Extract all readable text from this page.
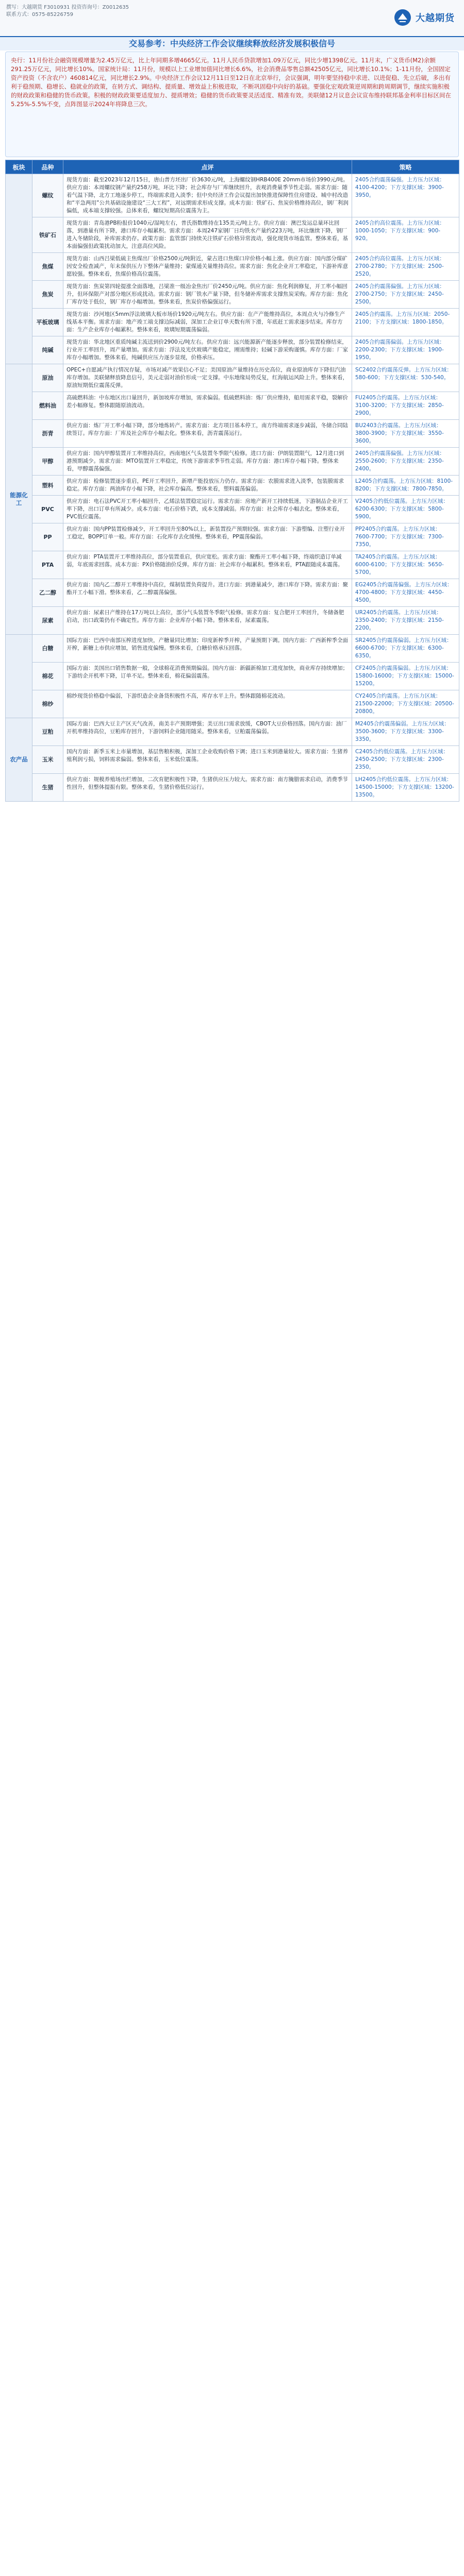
撰写：大越期货 F3010931 投资咨询号：Z0012635
联系方式：0575-85226759	大越期货
交易参考：中央经济工作会议继续释放经济发展积极信号
央行：11月份社会融资规模增量为2.45万亿元，比上年同期多增4665亿元。11月人民币贷款增加1.09万亿元，同比少增1398亿元。11月末，广义货币(M2)余额291.25万亿元，同比增长10%。国家统计局：11月份，规模以上工业增加值同比增长6.6%，社会消费品零售总额42505亿元，同比增长10.1%；1-11月份，全国固定资产投资（不含农户）460814亿元，同比增长2.9%。中央经济工作会议12月11日至12日在北京举行，会议强调，明年要坚持稳中求进、以进促稳、先立后破，多出有利于稳预期、稳增长、稳就业的政策，在转方式、调结构、提质量、增效益上积极进取，不断巩固稳中向好的基础。要强化宏观政策逆周期和跨周期调节，继续实施积极的财政政策和稳健的货币政策。积极的财政政策要适度加力、提质增效；稳健的货币政策要灵活适度、精准有效。美联储12月议息会议宣布维持联邦基金利率目标区间在5.25%-5.5%不变，点阵图显示2024年将降息三次。
板块	品种	点评	策略
	螺纹	现货方面：截至2023年12月15日，唐山普方坯出厂价3630元/吨，上海螺纹钢HRB400E 20mm市场价3990元/吨。供应方面：本周螺纹钢产量约258万吨，环比下降；社会库存与厂库继续回升，表观消费量季节性走弱。需求方面：随着气温下降，北方工地逐步停工，终端需求进入淡季；但中央经济工作会议提出加快推进保障性住房建设、城中村改造和“平急两用”公共基础设施建设“三大工程”，对远期需求形成支撑。成本方面：铁矿石、焦炭价格维持高位，钢厂利润偏低，成本端支撑较强。总体来看，螺纹短期高位震荡为主。	2405合约震荡偏强。上方压力区域：4100-4200；下方支撑区域：3900-3950。
	铁矿石	现货方面：青岛港PB粉报价1040元/湿吨左右，普氏指数维持在135美元/吨上方。供应方面：澳巴发运总量环比回落，到港量有所下降，港口库存小幅累积。需求方面：本周247家钢厂日均铁水产量约223万吨，环比继续下降，钢厂进入冬储阶段，补库需求仍存。政策方面：监管部门持续关注铁矿石价格异常波动，强化现货市场监管。整体来看，基本面偏强但政策扰动加大，注意高位风险。	2405合约高位震荡。上方压力区域：1000-1050；下方支撑区域：900-920。
	焦煤	现货方面：山西吕梁低硫主焦煤出厂价格2500元/吨附近，蒙古进口焦煤口岸价格小幅上涨。供应方面：国内部分煤矿因安全检查减产，年末保供压力下整体产量维持；蒙煤通关量维持高位。需求方面：焦化企业开工率稳定，下游补库意愿较强。整体来看，焦煤价格高位震荡。	2405合约高位震荡。上方压力区域：2700-2780；下方支撑区域：2500-2520。
	焦炭	现货方面：焦炭第四轮提涨全面落地，吕梁准一级冶金焦出厂价2450元/吨。供应方面：焦化利润修复，开工率小幅回升，但环保限产对部分地区形成扰动。需求方面：钢厂铁水产量下降，但冬储补库需求支撑焦炭采购。库存方面：焦化厂库存处于低位，钢厂库存小幅增加。整体来看，焦炭价格偏强运行。	2405合约震荡偏强。上方压力区域：2700-2750；下方支撑区域：2450-2500。
	平板玻璃	现货方面：沙河地区5mm浮法玻璃大板市场价1920元/吨左右。供应方面：在产产能维持高位，本周点火与冷修生产线基本平衡。需求方面：地产竣工端支撑边际减弱，深加工企业订单天数有所下滑，年底赶工需求逐步结束。库存方面：生产企业库存小幅累积。整体来看，玻璃短期震荡偏弱。	2405合约震荡。上方压力区域：2050-2100；下方支撑区域：1800-1850。
	纯碱	现货方面：华北地区重质纯碱主流送到价2900元/吨左右。供应方面：远兴能源新产能逐步释放，部分装置检修结束，行业开工率回升，周产量增加。需求方面：浮法及光伏玻璃产能稳定，刚需维持；轻碱下游采购谨慎。库存方面：厂家库存小幅增加。整体来看，纯碱供应压力逐步显现，价格承压。	2405合约震荡偏弱。上方压力区域：2200-2300；下方支撑区域：1900-1950。
能源化工	原油	OPEC+自愿减产执行情况存疑，市场对减产效果信心不足；美国原油产量维持在历史高位，商业原油库存下降但汽油库存增加。美联储释放降息信号，美元走弱对油价形成一定支撑。中东地缘局势反复，红海航运风险上升。整体来看，原油短期低位震荡反弹。	SC2402合约震荡反弹。上方压力区域：580-600；下方支撑区域：530-540。
	燃料油	高硫燃料油：中东地区出口量回升，新加坡库存增加，需求偏弱。低硫燃料油：炼厂供应维持，船用需求平稳，裂解价差小幅修复。整体跟随原油波动。	FU2405合约震荡。上方压力区域：3100-3200；下方支撑区域：2850-2900。
	沥青	供应方面：炼厂开工率小幅下降，部分地炼转产。需求方面：北方项目基本停工，南方终端需求逐步减弱，冬储合同陆续签订。库存方面：厂库及社会库存小幅去化。整体来看，沥青震荡运行。	BU2403合约震荡。上方压力区域：3800-3900；下方支撑区域：3550-3600。
	甲醇	供应方面：国内甲醇装置开工率维持高位，西南地区气头装置冬季限气检修。进口方面：伊朗装置限气，12月进口到港预期减少。需求方面：MTO装置开工率稳定，传统下游需求季节性走弱。库存方面：港口库存小幅下降。整体来看，甲醇震荡偏强。	2405合约震荡偏强。上方压力区域：2550-2600；下方支撑区域：2350-2400。
	塑料	供应方面：检修装置逐步重启，PE开工率回升，新增产能投放压力仍存。需求方面：农膜需求进入淡季，包装膜需求稳定。库存方面：两油库存小幅下降，社会库存偏高。整体来看，塑料震荡偏弱。	L2405合约震荡。上方压力区域：8100-8200；下方支撑区域：7800-7850。
	PVC	供应方面：电石法PVC开工率小幅回升，乙烯法装置稳定运行。需求方面：房地产新开工持续低迷，下游制品企业开工率下降，出口订单有所减少。成本方面：电石价格下跌，成本支撑减弱。库存方面：社会库存小幅去化。整体来看，PVC低位震荡。	V2405合约低位震荡。上方压力区域：6200-6300；下方支撑区域：5800-5900。
	PP	供应方面：国内PP装置检修减少，开工率回升至80%以上，新装置投产预期较强。需求方面：下游塑编、注塑行业开工稳定，BOPP订单一般。库存方面：石化库存去化缓慢。整体来看，PP震荡偏弱。	PP2405合约震荡。上方压力区域：7600-7700；下方支撑区域：7300-7350。
	PTA	供应方面：PTA装置开工率维持高位，部分装置重启，供应宽松。需求方面：聚酯开工率小幅下降，终端织造订单减弱，年底需求回落。成本方面：PX价格随油价反弹。库存方面：社会库存小幅累积。整体来看，PTA跟随成本震荡。	TA2405合约震荡。上方压力区域：6000-6100；下方支撑区域：5650-5700。
	乙二醇	供应方面：国内乙二醇开工率维持中高位，煤制装置负荷提升。进口方面：到港量减少，港口库存下降。需求方面：聚酯开工小幅下滑。整体来看，乙二醇震荡偏强。	EG2405合约震荡偏强。上方压力区域：4700-4800；下方支撑区域：4450-4500。
	尿素	供应方面：尿素日产维持在17万吨以上高位，部分气头装置冬季限气检修。需求方面：复合肥开工率回升，冬储备肥启动，出口政策仍有不确定性。库存方面：企业库存小幅下降。整体来看，尿素震荡。	UR2405合约震荡。上方压力区域：2350-2400；下方支撑区域：2150-2200。
	白糖	国际方面：巴西中南部压榨进度加快，产糖量同比增加；印度新榨季开榨，产量预期下调。国内方面：广西新榨季全面开榨，新糖上市供应增加，销售进度偏慢。整体来看，白糖价格承压回落。	SR2405合约震荡偏弱。上方压力区域：6600-6700；下方支撑区域：6300-6350。
	棉花	国际方面：美国出口销售数据一般，全球棉花消费预期偏弱。国内方面：新疆新棉加工进度加快，商业库存持续增加；下游纺企开机率下降，订单不足。整体来看，棉花偏弱震荡。	CF2405合约震荡偏弱。上方压力区域：15800-16000；下方支撑区域：15000-15200。
	棉纱	棉纱现货价格稳中偏弱，下游织造企业备货积极性不高，库存水平上升。整体跟随棉花波动。	CY2405合约震荡。上方压力区域：21500-22000；下方支撑区域：20500-20800。
农产品	豆粕	国际方面：巴西大豆主产区天气改善，南美丰产预期增强；美豆出口需求放缓，CBOT大豆价格回落。国内方面：油厂开机率维持高位，豆粕库存回升，下游饲料企业随用随采。整体来看，豆粕震荡偏弱。	M2405合约震荡偏弱。上方压力区域：3500-3600；下方支撑区域：3300-3350。
	玉米	国内方面：新季玉米上市量增加，基层售粮积极，深加工企业收购价格下调；进口玉米到港量较大。需求方面：生猪养殖利润亏损，饲料需求偏弱。整体来看，玉米低位震荡。	C2405合约低位震荡。上方压力区域：2450-2500；下方支撑区域：2300-2350。
	生猪	供应方面：规模养殖场出栏增加，二次育肥积极性下降，生猪供应压力较大。需求方面：南方腌腊需求启动，消费季节性回升，但整体提振有限。整体来看，生猪价格低位运行。	LH2405合约低位震荡。上方压力区域：14500-15000；下方支撑区域：13200-13500。
